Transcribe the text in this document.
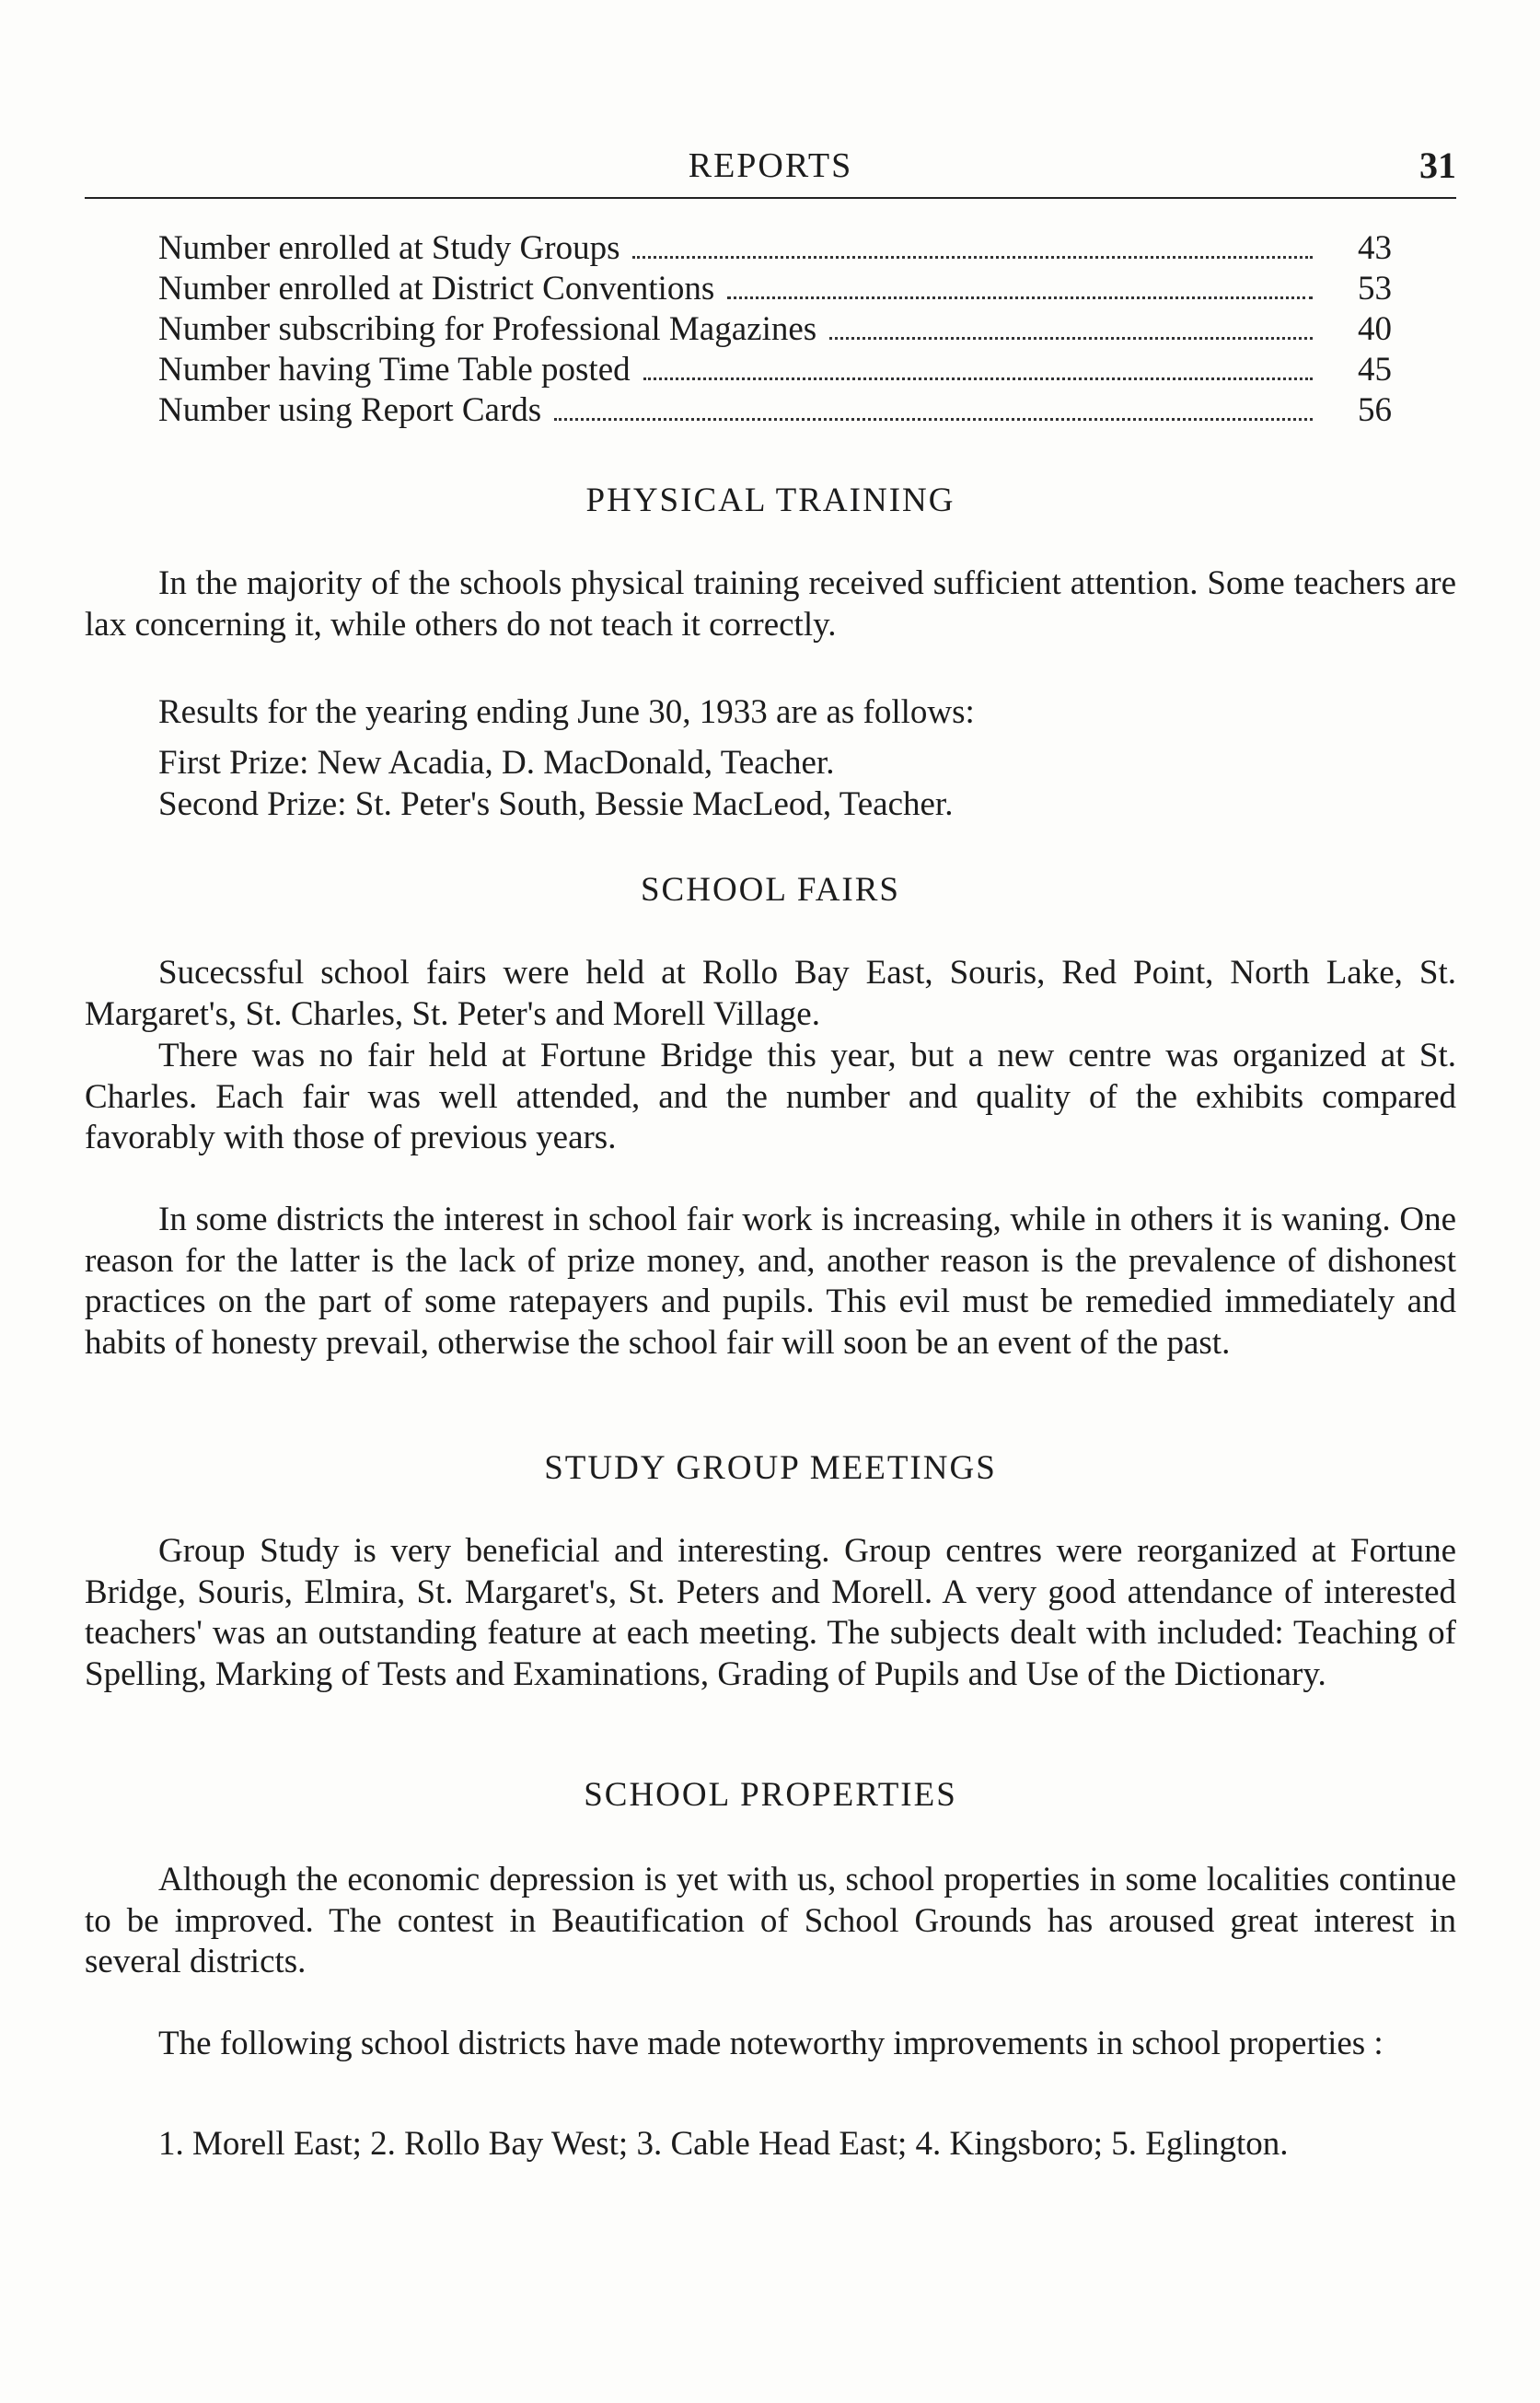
REPORTS	31
Number enrolled at Study Groups	43
Number enrolled at District Conventions	53
Number subscribing for Professional Magazines	40
Number having Time Table posted	45
Number using Report Cards	56
PHYSICAL TRAINING

In the majority of the schools physical training received sufficient attention. Some teachers are lax concerning it, while others do not teach it correctly.

Results for the yearing ending June 30, 1933 are as follows:
First Prize: New Acadia, D. MacDonald, Teacher.
Second Prize: St. Peter's South, Bessie MacLeod, Teacher.
SCHOOL FAIRS

Sucecssful school fairs were held at Rollo Bay East, Souris, Red Point, North Lake, St. Margaret's, St. Charles, St. Peter's and Morell Village.

There was no fair held at Fortune Bridge this year, but a new centre was organized at St. Charles. Each fair was well attended, and the number and quality of the exhibits compared favorably with those of previous years.

In some districts the interest in school fair work is increasing, while in others it is waning. One reason for the latter is the lack of prize money, and, another reason is the prevalence of dishonest practices on the part of some ratepayers and pupils. This evil must be remedied immediately and habits of honesty prevail, otherwise the school fair will soon be an event of the past.

STUDY GROUP MEETINGS

Group Study is very beneficial and interesting. Group centres were reorganized at Fortune Bridge, Souris, Elmira, St. Margaret's, St. Peters and Morell. A very good attendance of interested teachers' was an outstanding feature at each meeting. The subjects dealt with included: Teaching of Spelling, Marking of Tests and Examinations, Grading of Pupils and Use of the Dictionary.

SCHOOL PROPERTIES

Although the economic depression is yet with us, school properties in some localities continue to be improved. The contest in Beautification of School Grounds has aroused great interest in several districts.

The following school districts have made noteworthy improvements in school properties :

1. Morell East; 2. Rollo Bay West; 3. Cable Head East; 4. Kingsboro; 5. Eglington.
